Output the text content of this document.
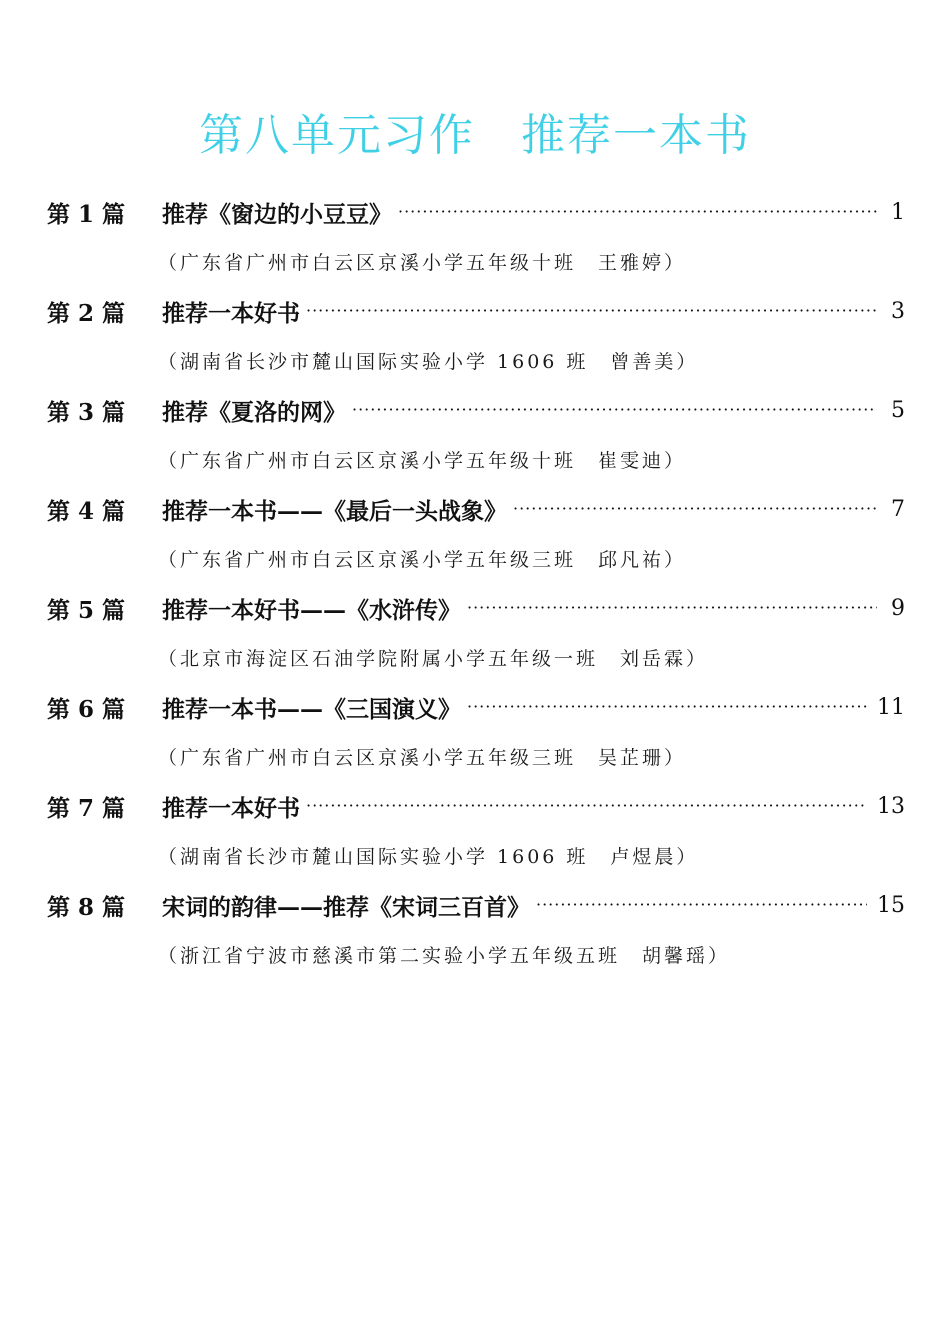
第八单元习作　推荐一本书
第 1 篇	推荐《窗边的小豆豆》 ·····	1
（广东省广州市白云区京溪小学五年级十班　王雅婷）
第 2 篇	推荐一本好书 ·····	3
（湖南省长沙市麓山国际实验小学 1606 班　曾善美）
第 3 篇	推荐《夏洛的网》 ·····	5
（广东省广州市白云区京溪小学五年级十班　崔雯迪）
第 4 篇	推荐一本书——《最后一头战象》 ·····	7
（广东省广州市白云区京溪小学五年级三班　邱凡祐）
第 5 篇	推荐一本好书——《水浒传》 ·····	9
（北京市海淀区石油学院附属小学五年级一班　刘岳霖）
第 6 篇	推荐一本书——《三国演义》 ·····	11
（广东省广州市白云区京溪小学五年级三班　吴芷珊）
第 7 篇	推荐一本好书 ·····	13
（湖南省长沙市麓山国际实验小学 1606 班　卢煜晨）
第 8 篇	宋词的韵律——推荐《宋词三百首》 ·····	15
（浙江省宁波市慈溪市第二实验小学五年级五班　胡馨瑶）
